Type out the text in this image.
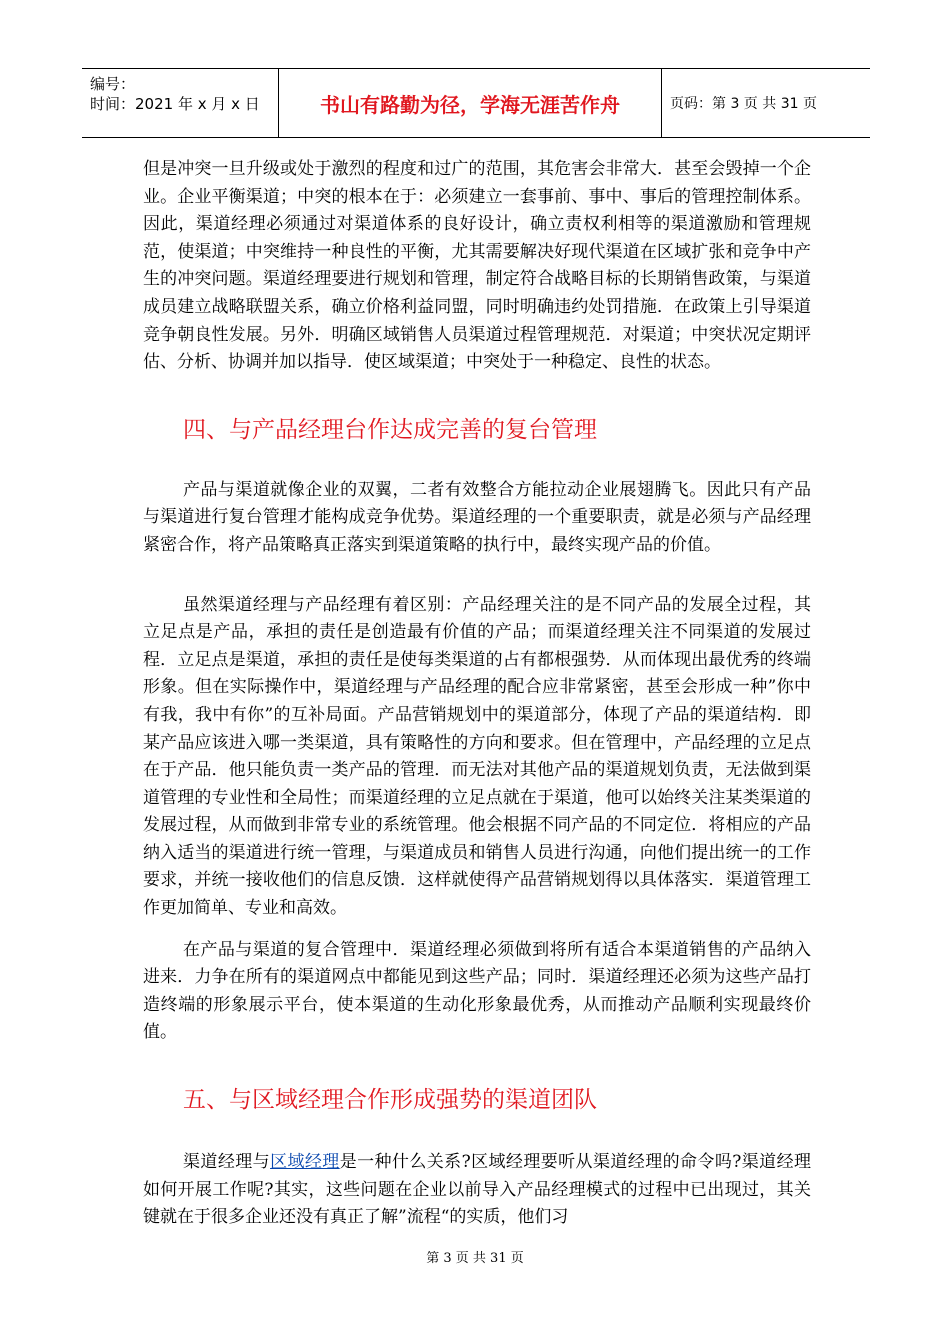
编号：
时间：2021 年 x 月 x 日	书山有路勤为径，学海无涯苦作舟	页码：第 3 页 共 31 页

但是冲突一旦升级或处于激烈的程度和过广的范围，其危害会非常大．甚至会毁掉一个企业。企业平衡渠道；中突的根本在于：必须建立一套事前、事中、事后的管理控制体系。因此，渠道经理必须通过对渠道体系的良好设计，确立责权利相等的渠道激励和管理规范，使渠道；中突维持一种良性的平衡，尤其需要解决好现代渠道在区域扩张和竞争中产生的冲突问题。渠道经理要进行规划和管理，制定符合战略目标的长期销售政策，与渠道成员建立战略联盟关系，确立价格利益同盟，同时明确违约处罚措施．在政策上引导渠道竞争朝良性发展。另外．明确区域销售人员渠道过程管理规范．对渠道；中突状况定期评估、分析、协调并加以指导．使区域渠道；中突处于一种稳定、良性的状态。

四、与产品经理台作达成完善的复台管理

产品与渠道就像企业的双翼，二者有效整合方能拉动企业展翅腾飞。因此只有产品与渠道进行复台管理才能构成竞争优势。渠道经理的一个重要职责，就是必须与产品经理紧密合作，将产品策略真正落实到渠道策略的执行中，最终实现产品的价值。

虽然渠道经理与产品经理有着区别：产品经理关注的是不同产品的发展全过程，其立足点是产品，承担的责任是创造最有价值的产品；而渠道经理关注不同渠道的发展过程．立足点是渠道，承担的责任是使每类渠道的占有都根强势．从而体现出最优秀的终端形象。但在实际操作中，渠道经理与产品经理的配合应非常紧密，甚至会形成一种”你中有我，我中有你”的互补局面。产品营销规划中的渠道部分，体现了产品的渠道结构．即某产品应该进入哪一类渠道，具有策略性的方向和要求。但在管理中，产品经理的立足点在于产品．他只能负责一类产品的管理．而无法对其他产品的渠道规划负责，无法做到渠道管理的专业性和全局性；而渠道经理的立足点就在于渠道，他可以始终关注某类渠道的发展过程，从而做到非常专业的系统管理。他会根据不同产品的不同定位．将相应的产品纳入适当的渠道进行统一管理，与渠道成员和销售人员进行沟通，向他们提出统一的工作要求，并统一接收他们的信息反馈．这样就使得产品营销规划得以具体落实．渠道管理工作更加简单、专业和高效。

在产品与渠道的复合管理中．渠道经理必须做到将所有适合本渠道销售的产品纳入进来．力争在所有的渠道网点中都能见到这些产品；同时．渠道经理还必须为这些产品打造终端的形象展示平台，使本渠道的生动化形象最优秀，从而推动产品顺利实现最终价值。

五、与区域经理合作形成强势的渠道团队

渠道经理与区域经理是一种什么关系?区域经理要听从渠道经理的命令吗?渠道经理如何开展工作呢?其实，这些问题在企业以前导入产品经理模式的过程中已出现过，其关键就在于很多企业还没有真正了解”流程“的实质，他们习

第 3 页 共 31 页
